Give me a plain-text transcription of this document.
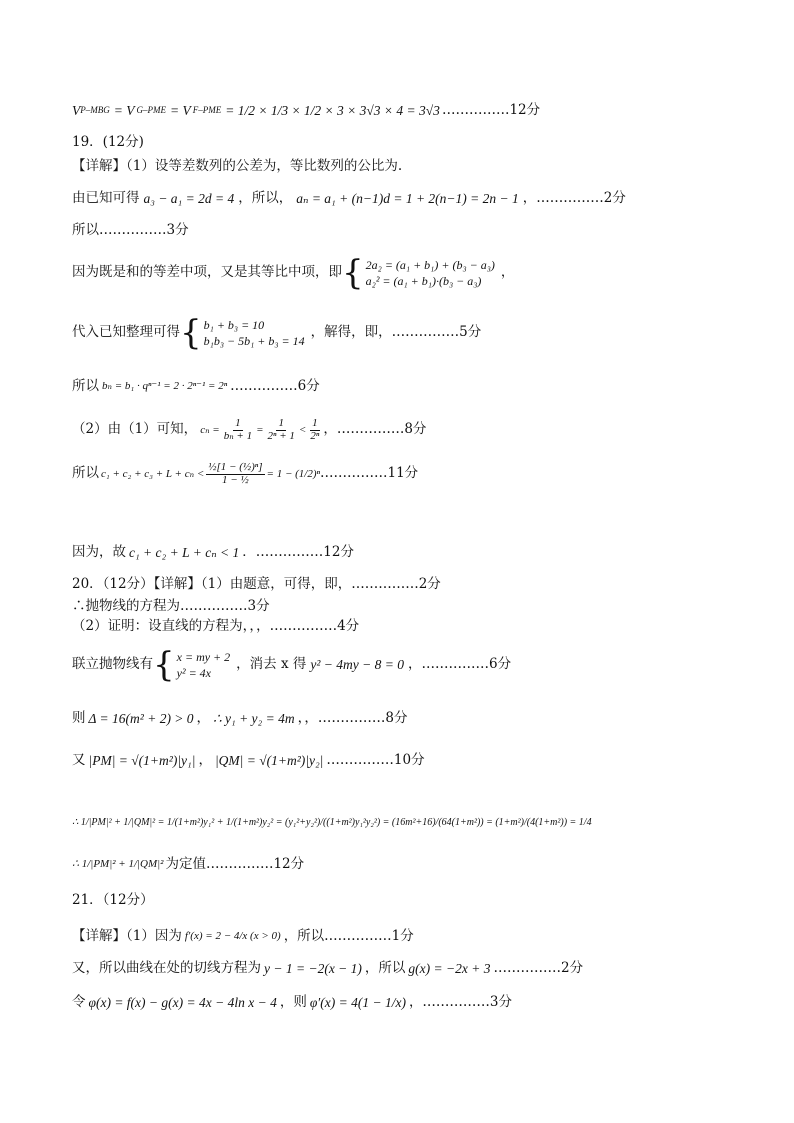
V P–MBG = V G–PME = V F–PME = 1/2 × 1/3 × 1/2 × 3 × 3√3 × 4 = 3√3 ……………12分
19．(12分)
【详解】（1）设等差数列的公差为，等比数列的公比为.
由已知可得 a₃ − a₁ = 2d = 4 ，所以， aₙ = a₁ + (n−1)d = 1 + 2(n−1) = 2n − 1 ，……………2分
所以……………3分
因为既是和的等差中项，又是其等比中项，即 { 2a₂ = (a₁ + b₁) + (b₃ − a₃)
a₂² = (a₁ + b₁)·(b₃ − a₃)
，
代入已知整理可得 { b₁ + b₃ = 10
b₁b₃ − 5b₁ + b₃ = 14
，解得，即，……………5分
所以 bₙ = b₁ · qⁿ⁻¹ = 2 · 2ⁿ⁻¹ = 2ⁿ ……………6分
（2）由（1）可知， $c_n = \frac{1}{\text{bₙ + 1}} = \frac{1}{\text{2ⁿ + 1}} < \frac{1}{\text{2ⁿ}}$ ，……………8分
所以 $c_1 + c_2 + c_3 + L + c_n < \frac{\text{½[1 − (½)ⁿ]}}{\text{1 − ½}} = 1 - (1/2)^n$ ……………11分
因为，故 c₁ + c₂ + L + cₙ < 1 ．……………12分
20．（12分）【详解】（1）由题意，可得，即，……………2分
∴抛物线的方程为……………3分
（2）证明：设直线的方程为，，，……………4分
联立抛物线有 { x = my + 2
y² = 4x
，消去 x 得 y² − 4my − 8 = 0 ，……………6分
则 Δ = 16(m² + 2) > 0 ， ∴ y₁ + y₂ = 4m ，，……………8分
又 |PM| = √(1+m²)|y₁| ， |QM| = √(1+m²)|y₂| ……………10分
∴ 1/|PM|² + 1/|QM|² = 1/(1+m²)y₁² + 1/(1+m²)y₂² = (y₁²+y₂²)/((1+m²)y₁²y₂²) = (16m²+16)/(64(1+m²)) = (1+m²)/(4(1+m²)) = 1/4
∴ 1/|PM|² + 1/|QM|² 为定值……………12分
21．（12分）
【详解】（1）因为 f′(x) = 2 − 4/x (x > 0) ，所以……………1分
又，所以曲线在处的切线方程为 y − 1 = −2(x − 1) ，所以 g(x) = −2x + 3 ……………2分
令 φ(x) = f(x) − g(x) = 4x − 4ln x − 4 ，则 φ′(x) = 4(1 − 1/x) ，……………3分
